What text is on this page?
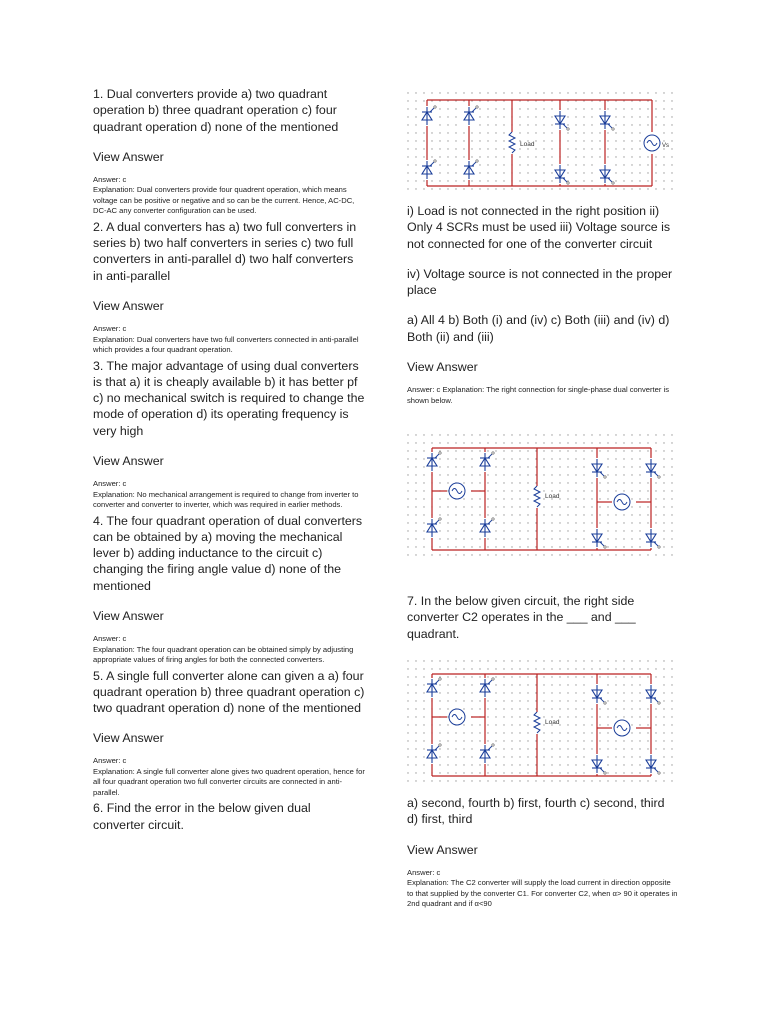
1. Dual converters provide a) two quadrant operation b) three quadrant operation c) four quadrant operation d) none of the mentioned

View Answer

Answer: c

Explanation: Dual converters provide four quadrent operation, which means voltage can be positive or negative and so can be the current. Hence, AC-DC, DC-AC any converter configuration can be used.

2. A dual converters has a) two full converters in series b) two half converters in series c) two full converters in anti-parallel d) two half converters in anti-parallel

View Answer

Answer: c

Explanation: Dual converters have two full converters connected in anti-parallel which provides a four quadrant operation.

3. The major advantage of using dual converters is that a) it is cheaply available b) it has better pf c) no mechanical switch is required to change the mode of operation d) its operating frequency is very high

View Answer

Answer: c

Explanation: No mechanical arrangement is required to change from inverter to converter and converter to inverter, which was required in earlier methods.

4. The four quadrant operation of dual converters can be obtained by a) moving the mechanical lever b) adding inductance to the circuit c) changing the firing angle value d) none of the mentioned

View Answer

Answer: c

Explanation: The four quadrant operation can be obtained simply by adjusting appropriate values of firing angles for both the connected converters.

5. A single full converter alone can given a a) four quadrant operation b) three quadrant operation c) two quadrant operation d) none of the mentioned

View Answer

Answer: c

Explanation: A single full converter alone gives two quadrent operation, hence for all four quadrant operation two full converter circuits are connected in anti-parallel.

6. Find the error in the below given dual converter circuit.

Load	Vs

i) Load is not connected in the right position ii) Only 4 SCRs must be used iii) Voltage source is not connected for one of the converter circuit

iv) Voltage source is not connected in the proper place

a) All 4 b) Both (i) and (iv) c) Both (iii) and (iv) d) Both (ii) and (iii)

View Answer

Answer: c Explanation: The right connection for single-phase dual converter is shown below.

Load

7. In the below given circuit, the right side converter C2 operates in the ___ and ___ quadrant.

Load

a) second, fourth b) first, fourth c) second, third d) first, third

View Answer

Answer: c

Explanation: The C2 converter will supply the load current in direction opposite to that supplied by the converter C1. For converter C2, when α> 90 it operates in 2nd quadrant and if α<90
